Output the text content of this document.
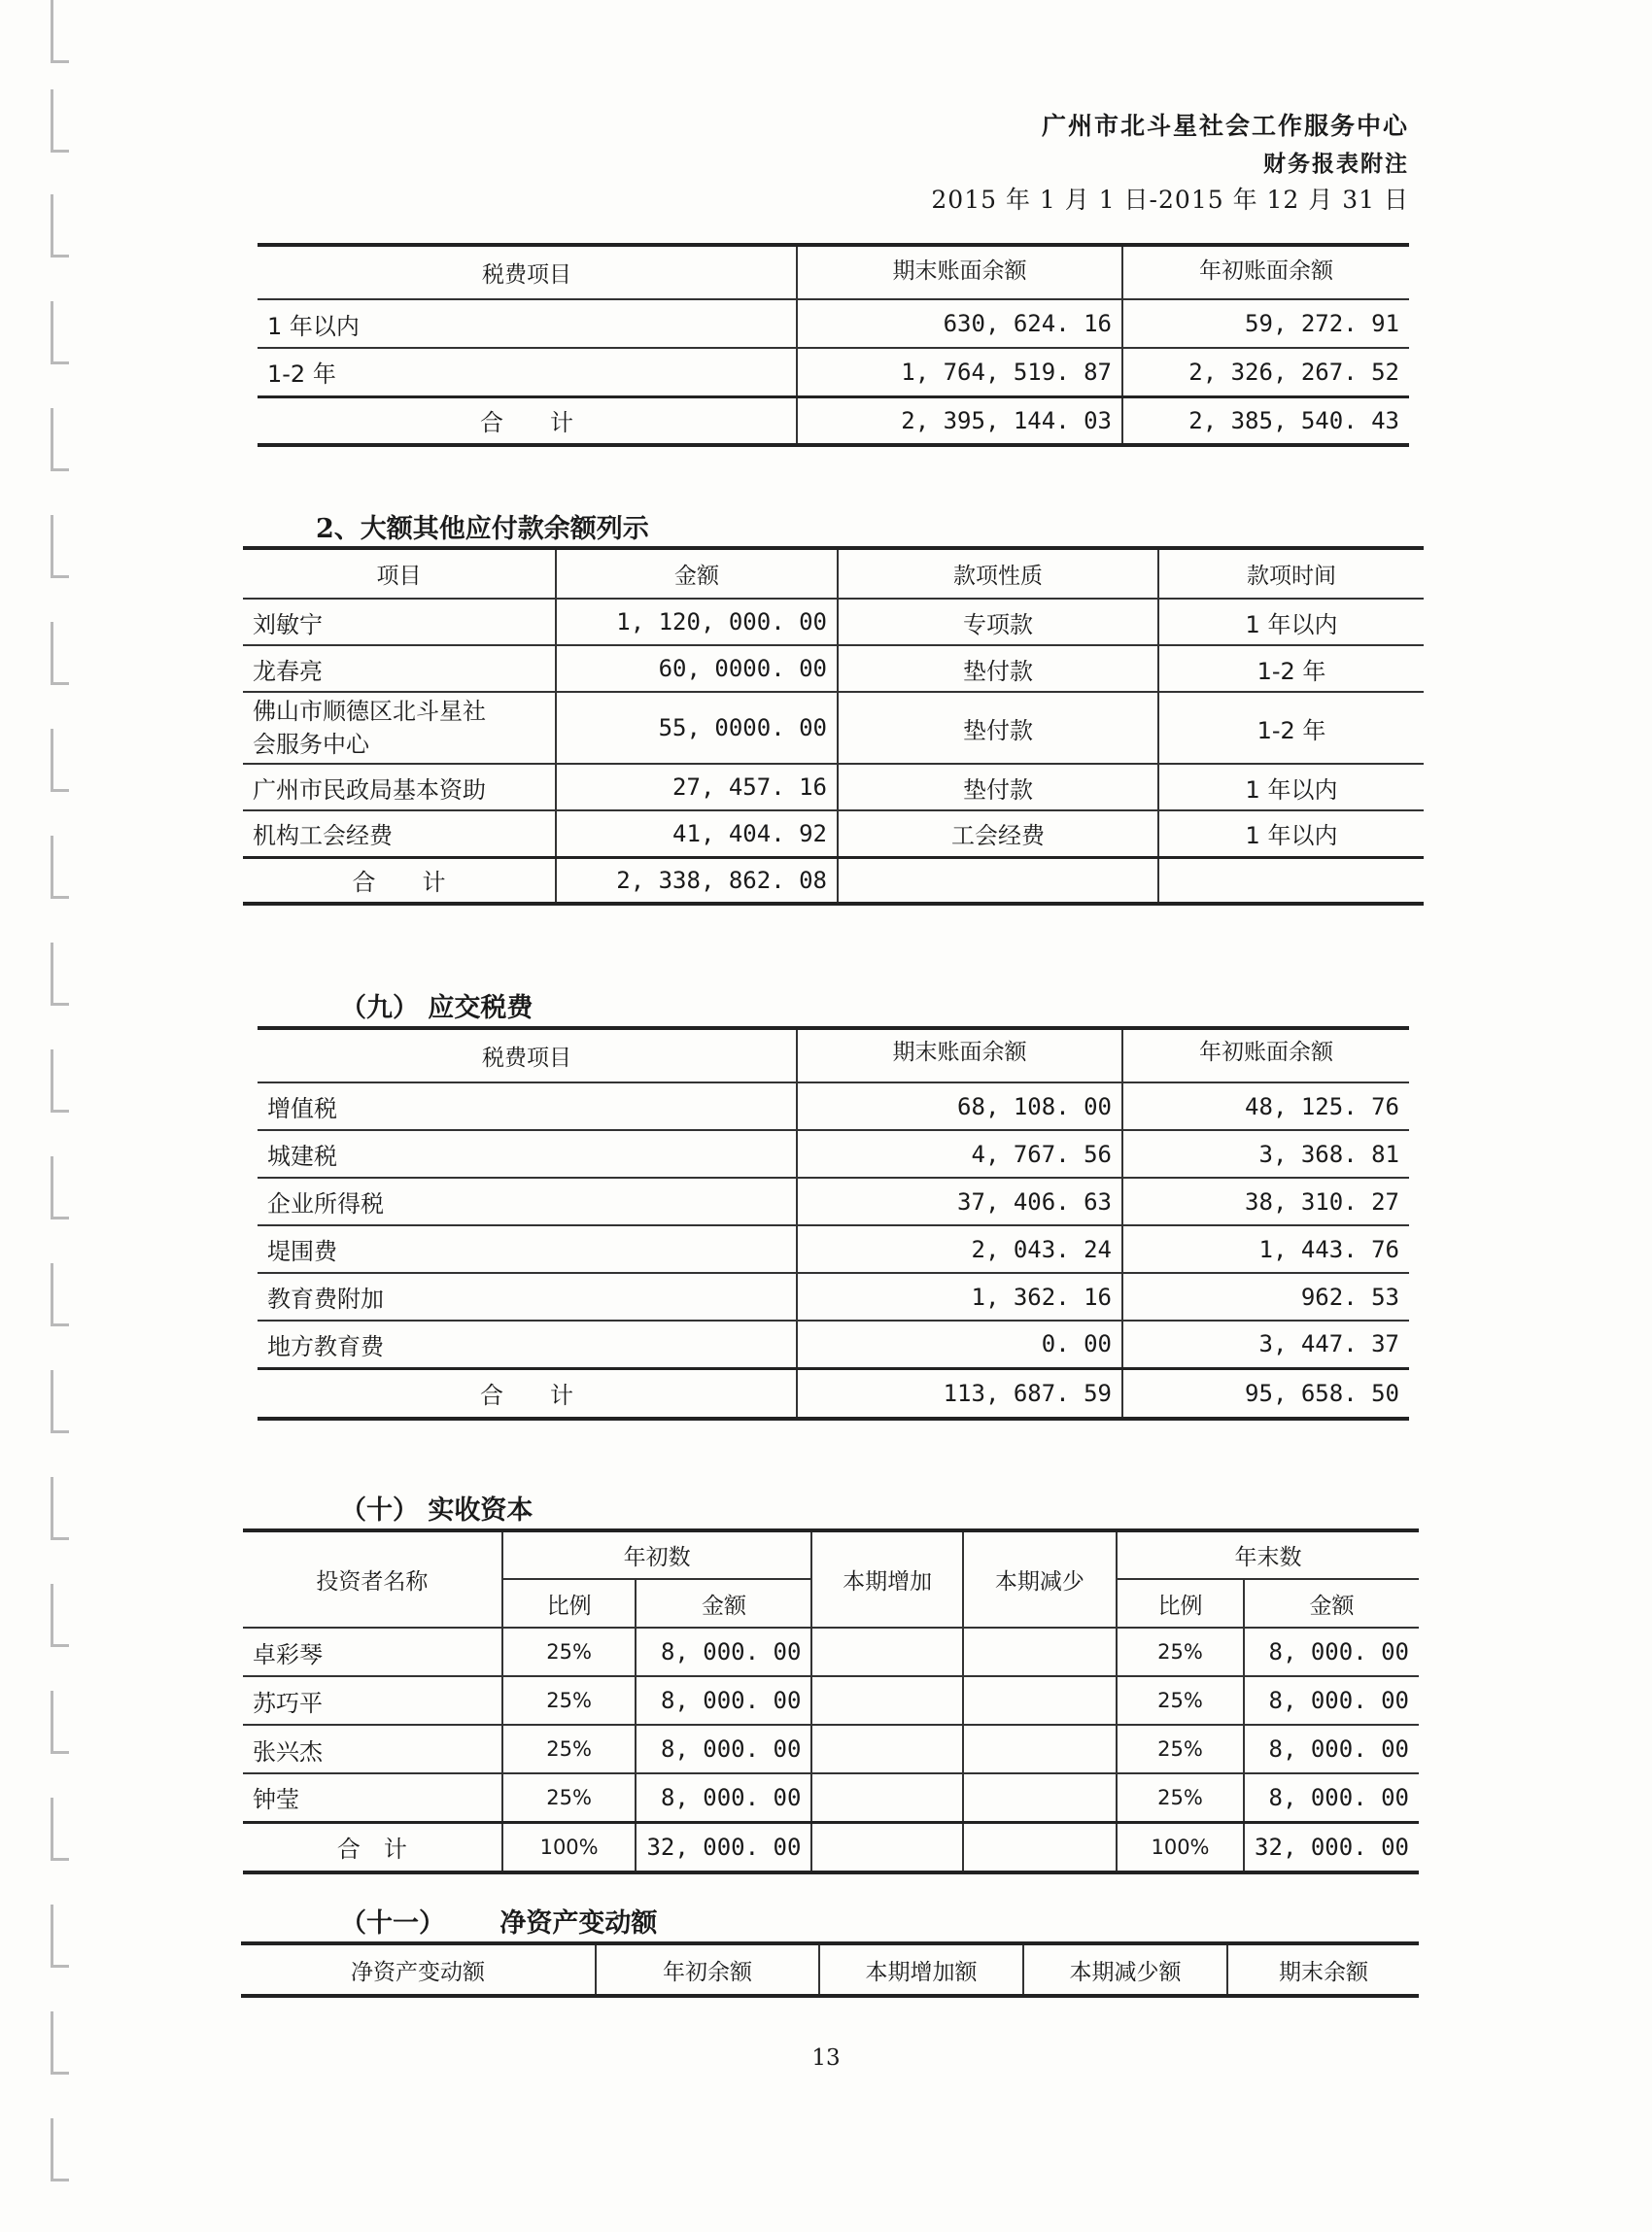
广州市北斗星社会工作服务中心
财务报表附注
2015 年 1 月 1 日-2015 年 12 月 31 日
税费项目	期末账面余额	年初账面余额
1 年以内	630, 624. 16	59, 272. 91
1-2 年	1, 764, 519. 87	2, 326, 267. 52
合　　计	2, 395, 144. 03	2, 385, 540. 43
2、大额其他应付款余额列示
项目	金额	款项性质	款项时间
刘敏宁	1, 120, 000. 00	专项款	1 年以内
龙春亮	60, 0000. 00	垫付款	1-2 年

佛山市顺德区北斗星社
会服务中心	55, 0000. 00	垫付款	1-2 年
广州市民政局基本资助	27, 457. 16	垫付款	1 年以内
机构工会经费	41, 404. 92	工会经费	1 年以内
合　　计	2, 338, 862. 08		
（九） 应交税费
税费项目	期末账面余额	年初账面余额
增值税	68, 108. 00	48, 125. 76
城建税	4, 767. 56	3, 368. 81
企业所得税	37, 406. 63	38, 310. 27
堤围费	2, 043. 24	1, 443. 76
教育费附加	1, 362. 16	962. 53
地方教育费	0. 00	3, 447. 37
合　　计	113, 687. 59	95, 658. 50
（十） 实收资本
投资者名称	年初数		本期增加	本期减少	年末数	
	比例	金额			比例	金额
卓彩琴	25%	8, 000. 00			25%	8, 000. 00
苏巧平	25%	8, 000. 00			25%	8, 000. 00
张兴杰	25%	8, 000. 00			25%	8, 000. 00
钟莹	25%	8, 000. 00			25%	8, 000. 00
合　计	100%	32, 000. 00			100%	32, 000. 00
（十一）      净资产变动额
净资产变动额	年初余额	本期增加额	本期减少额	期末余额
13
